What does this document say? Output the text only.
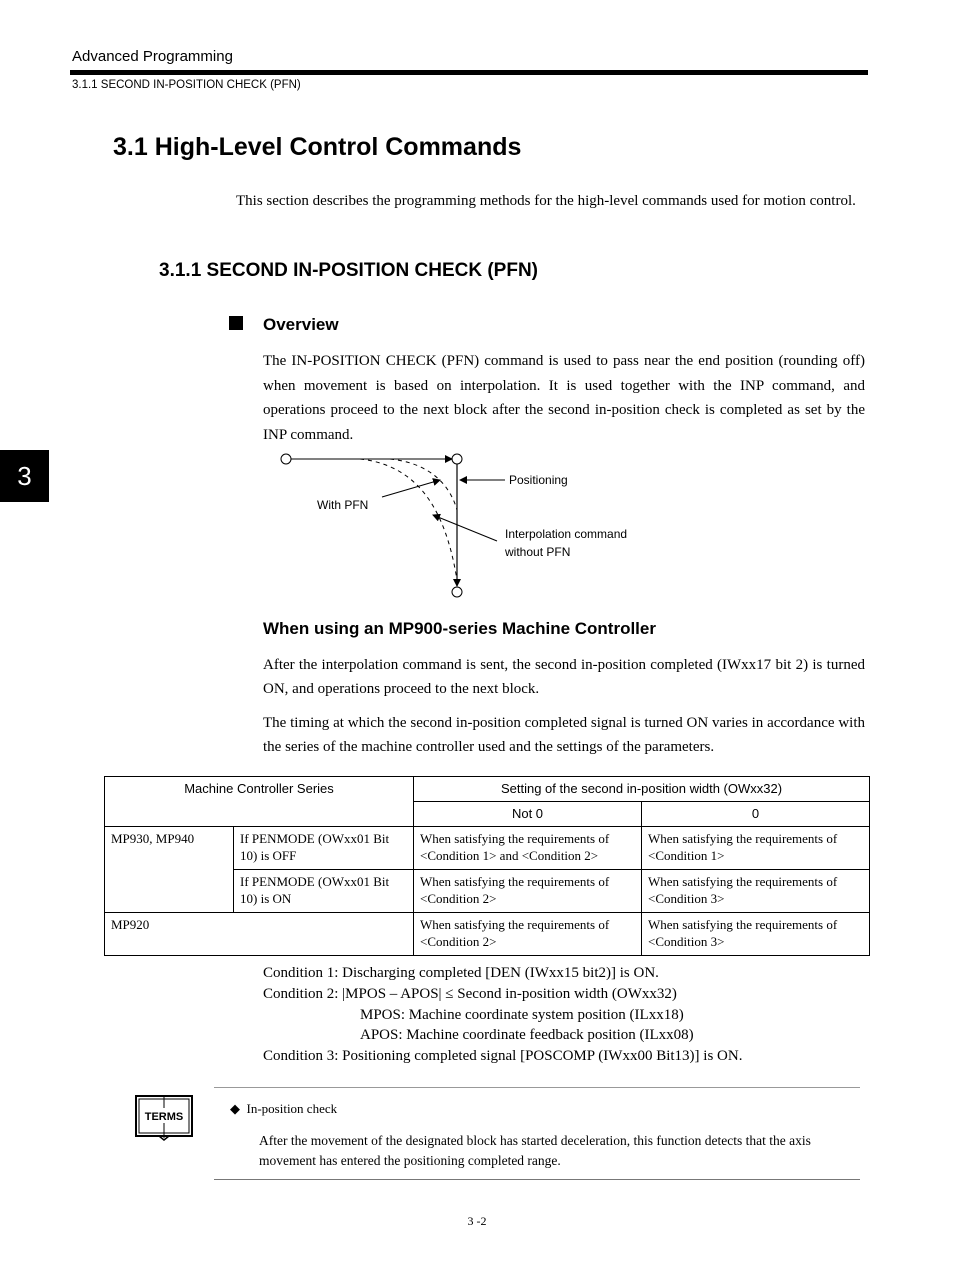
Advanced Programming
3.1.1 SECOND IN-POSITION CHECK (PFN)
3
3.1 High-Level Control Commands
This section describes the programming methods for the high-level commands used for motion control.
3.1.1 SECOND IN-POSITION CHECK (PFN)
Overview
The IN-POSITION CHECK (PFN) command is used to pass near the end position (rounding off) when movement is based on interpolation. It is used together with the INP command, and operations proceed to the next block after the second in-position check is completed as set by the INP command.
Positioning
With PFN
Interpolation command
without PFN
When using an MP900-series Machine Controller
After the interpolation command is sent, the second in-position completed (IWxx17 bit 2) is turned ON, and operations proceed to the next block.
The timing at which the second in-position completed signal is turned ON varies in accordance with the series of the machine controller used and the settings of the parameters.
Machine Controller Series		Setting of the second in-position width (OWxx32)	
		Not 0	0
MP930, MP940	If PENMODE (OWxx01 Bit 10) is OFF	When satisfying the requirements of <Condition 1> and <Condition 2>	When satisfying the requirements of <Condition 1>
	If PENMODE (OWxx01 Bit 10) is ON	When satisfying the requirements of <Condition 2>	When satisfying the requirements of <Condition 3>
MP920		When satisfying the requirements of <Condition 2>	When satisfying the requirements of <Condition 3>
Condition 1: Discharging completed [DEN (IWxx15 bit2)] is ON.
Condition 2: |MPOS – APOS| ≤ Second in-position width (OWxx32)
MPOS: Machine coordinate system position (ILxx18)
APOS: Machine coordinate feedback position (ILxx08)
Condition 3: Positioning completed signal [POSCOMP (IWxx00 Bit13)] is ON.
TERMS
◆ In-position check
After the movement of the designated block has started deceleration, this function detects that the axis movement has entered the positioning completed range.
3 -2
